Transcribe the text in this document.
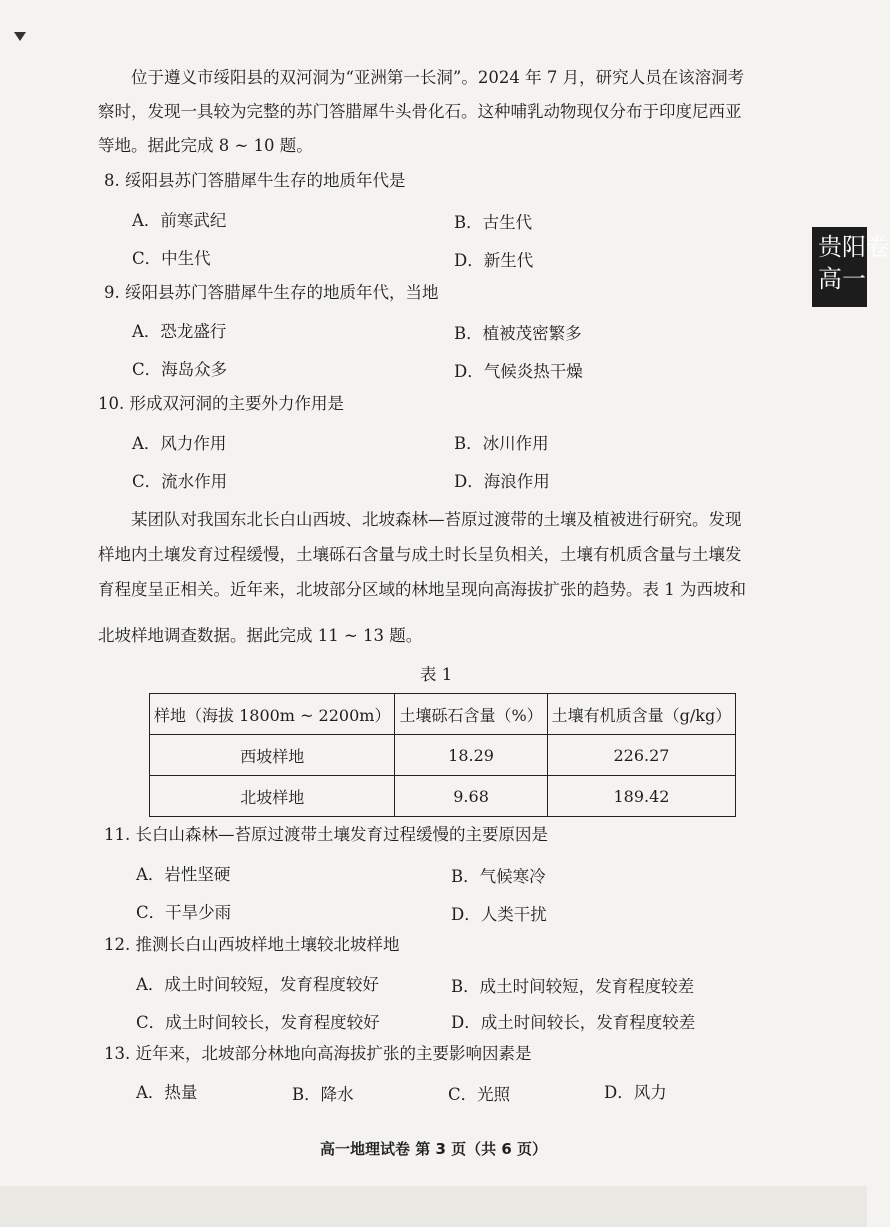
贵阳卷
高一
位于遵义市绥阳县的双河洞为“亚洲第一长洞”。2024 年 7 月，研究人员在该溶洞考
察时，发现一具较为完整的苏门答腊犀牛头骨化石。这种哺乳动物现仅分布于印度尼西亚
等地。据此完成 8 ~ 10 题。
8. 绥阳县苏门答腊犀牛生存的地质年代是
A．前寒武纪	B．古生代
C．中生代	D．新生代
9. 绥阳县苏门答腊犀牛生存的地质年代，当地
A．恐龙盛行	B．植被茂密繁多
C．海岛众多	D．气候炎热干燥
10. 形成双河洞的主要外力作用是
A．风力作用	B．冰川作用
C．流水作用	D．海浪作用
某团队对我国东北长白山西坡、北坡森林—苔原过渡带的土壤及植被进行研究。发现
样地内土壤发育过程缓慢，土壤砾石含量与成土时长呈负相关，土壤有机质含量与土壤发
育程度呈正相关。近年来，北坡部分区域的林地呈现向高海拔扩张的趋势。表 1 为西坡和
北坡样地调查数据。据此完成 11 ~ 13 题。
表 1
样地（海拔 1800m ~ 2200m）	土壤砾石含量（%）	土壤有机质含量（g/kg）
西坡样地	18.29	226.27
北坡样地	9.68	189.42
11. 长白山森林—苔原过渡带土壤发育过程缓慢的主要原因是
A．岩性坚硬	B．气候寒冷
C．干旱少雨	D．人类干扰
12. 推测长白山西坡样地土壤较北坡样地
A．成土时间较短，发育程度较好	B．成土时间较短，发育程度较差
C．成土时间较长，发育程度较好	D．成土时间较长，发育程度较差
13. 近年来，北坡部分林地向高海拔扩张的主要影响因素是
A．热量	B．降水	C．光照	D．风力
高一地理试卷 第 3 页（共 6 页）
